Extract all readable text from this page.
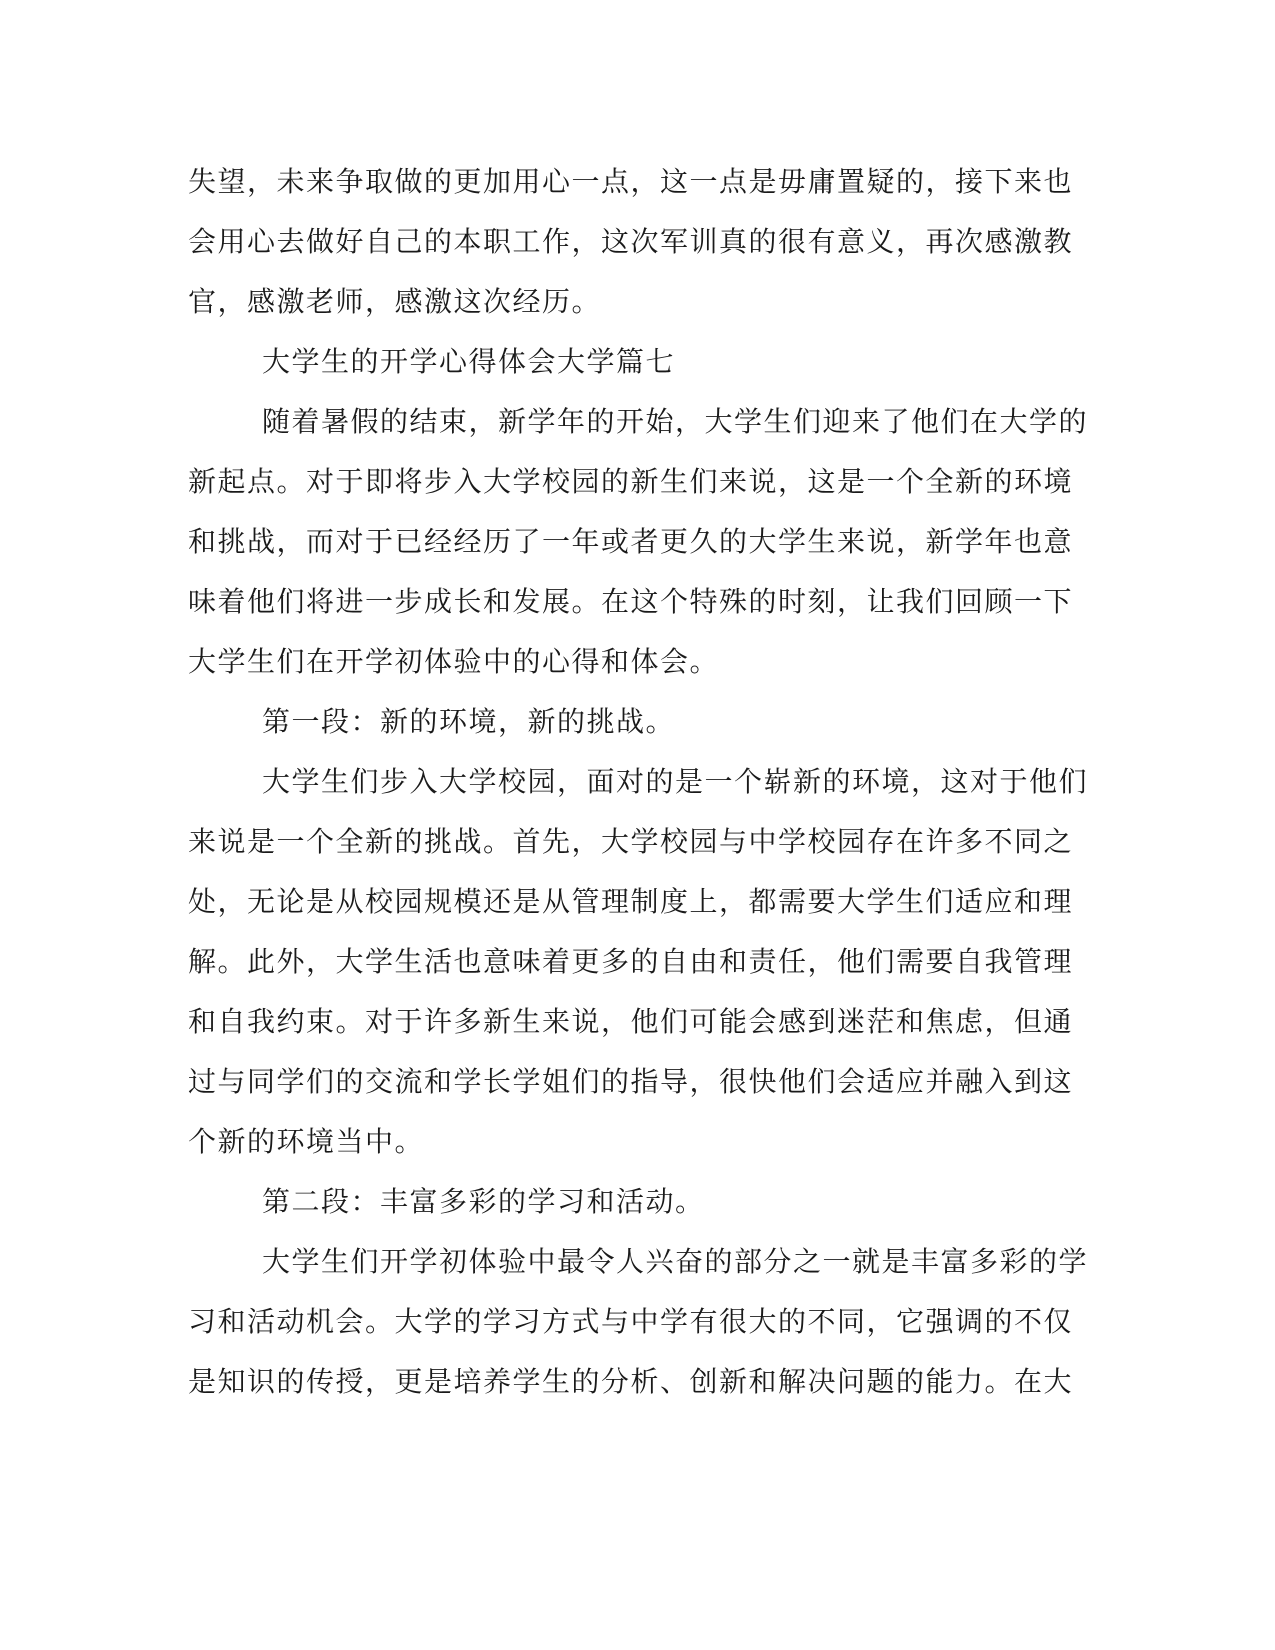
失望，未来争取做的更加用心一点，这一点是毋庸置疑的，接下来也
会用心去做好自己的本职工作，这次军训真的很有意义，再次感激教
官，感激老师，感激这次经历。
大学生的开学心得体会大学篇七
随着暑假的结束，新学年的开始，大学生们迎来了他们在大学的
新起点。对于即将步入大学校园的新生们来说，这是一个全新的环境
和挑战，而对于已经经历了一年或者更久的大学生来说，新学年也意
味着他们将进一步成长和发展。在这个特殊的时刻，让我们回顾一下
大学生们在开学初体验中的心得和体会。
第一段：新的环境，新的挑战。
大学生们步入大学校园，面对的是一个崭新的环境，这对于他们
来说是一个全新的挑战。首先，大学校园与中学校园存在许多不同之
处，无论是从校园规模还是从管理制度上，都需要大学生们适应和理
解。此外，大学生活也意味着更多的自由和责任，他们需要自我管理
和自我约束。对于许多新生来说，他们可能会感到迷茫和焦虑，但通
过与同学们的交流和学长学姐们的指导，很快他们会适应并融入到这
个新的环境当中。
第二段：丰富多彩的学习和活动。
大学生们开学初体验中最令人兴奋的部分之一就是丰富多彩的学
习和活动机会。大学的学习方式与中学有很大的不同，它强调的不仅
是知识的传授，更是培养学生的分析、创新和解决问题的能力。在大
